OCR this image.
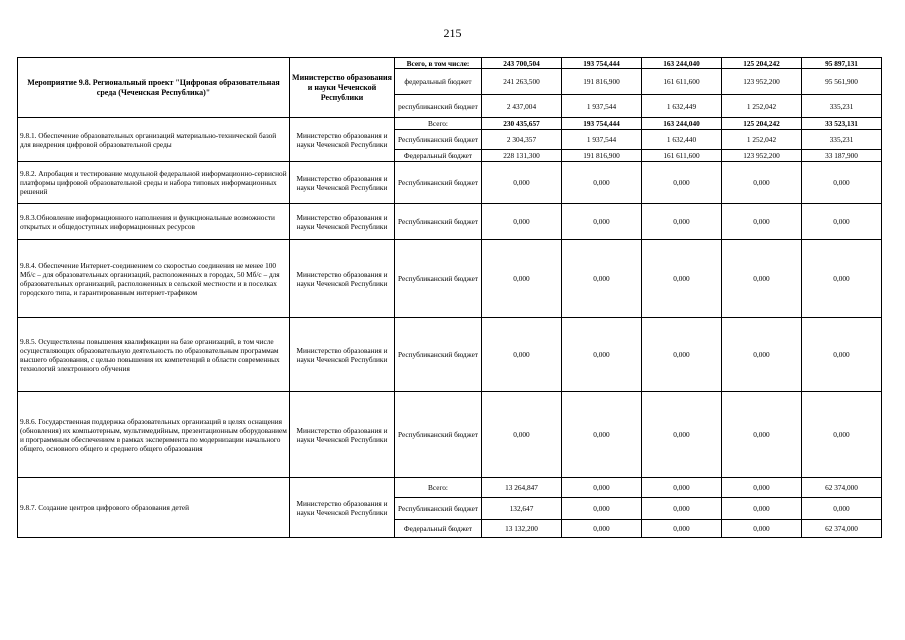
215
Мероприятие 9.8. Региональный проект "Цифровая образовательная среда (Чеченская Республика)"	Министерство образования и науки Чеченской Республики	Всего, в том числе:	243 700,504	193 754,444	163 244,040	125 204,242	95 897,131
		федеральный бюджет	241 263,500	191 816,900	161 611,600	123 952,200	95 561,900
		республиканский бюджет	2 437,004	1 937,544	1 632,449	1 252,042	335,231
9.8.1. Обеспечение образовательных организаций материально-технической базой для внедрения цифровой образовательной среды	Министерство образования и науки Чеченской Республики	Всего:	230 435,657	193 754,444	163 244,040	125 204,242	33 523,131
		Республиканский бюджет	2 304,357	1 937,544	1 632,440	1 252,042	335,231
		Федеральный бюджет	228 131,300	191 816,900	161 611,600	123 952,200	33 187,900
9.8.2. Апробация и тестирование модульной федеральной информационно-сервисной платформы цифровой образовательной среды и набора типовых информационных решений	Министерство образования и науки Чеченской Республики	Республиканский бюджет	0,000	0,000	0,000	0,000	0,000
9.8.3.Обновление информационного наполнения и функциональные возможности открытых и общедоступных информационных ресурсов	Министерство образования и науки Чеченской Республики	Республиканский бюджет	0,000	0,000	0,000	0,000	0,000
9.8.4. Обеспечение Интернет-соединением со скоростью соединения не менее 100 Мб/с – для образовательных организаций, расположенных в городах, 50 Мб/с – для образовательных организаций, расположенных в сельской местности и в поселках городского типа, и гарантированным интернет-трафиком	Министерство образования и науки Чеченской Республики	Республиканский бюджет	0,000	0,000	0,000	0,000	0,000
9.8.5. Осуществлены повышения квалификации на базе организаций, в том числе осуществляющих образовательную деятельность по образовательным программам высшего образования, с целью повышения их компетенций в области современных технологий электронного обучения	Министерство образования и науки Чеченской Республики	Республиканский бюджет	0,000	0,000	0,000	0,000	0,000
9.8.6. Государственная поддержка образовательных организаций в целях оснащения (обновления) их компьютерным, мультимедийным, презентационным оборудованием и программным обеспечением в рамках эксперимента по модернизации начального общего, основного общего и среднего общего образования	Министерство образования и науки Чеченской Республики	Республиканский бюджет	0,000	0,000	0,000	0,000	0,000
9.8.7. Создание центров цифрового образования детей	Министерство образования и науки Чеченской Республики	Всего:	13 264,847	0,000	0,000	0,000	62 374,000
		Республиканский бюджет	132,647	0,000	0,000	0,000	0,000
		Федеральный бюджет	13 132,200	0,000	0,000	0,000	62 374,000
